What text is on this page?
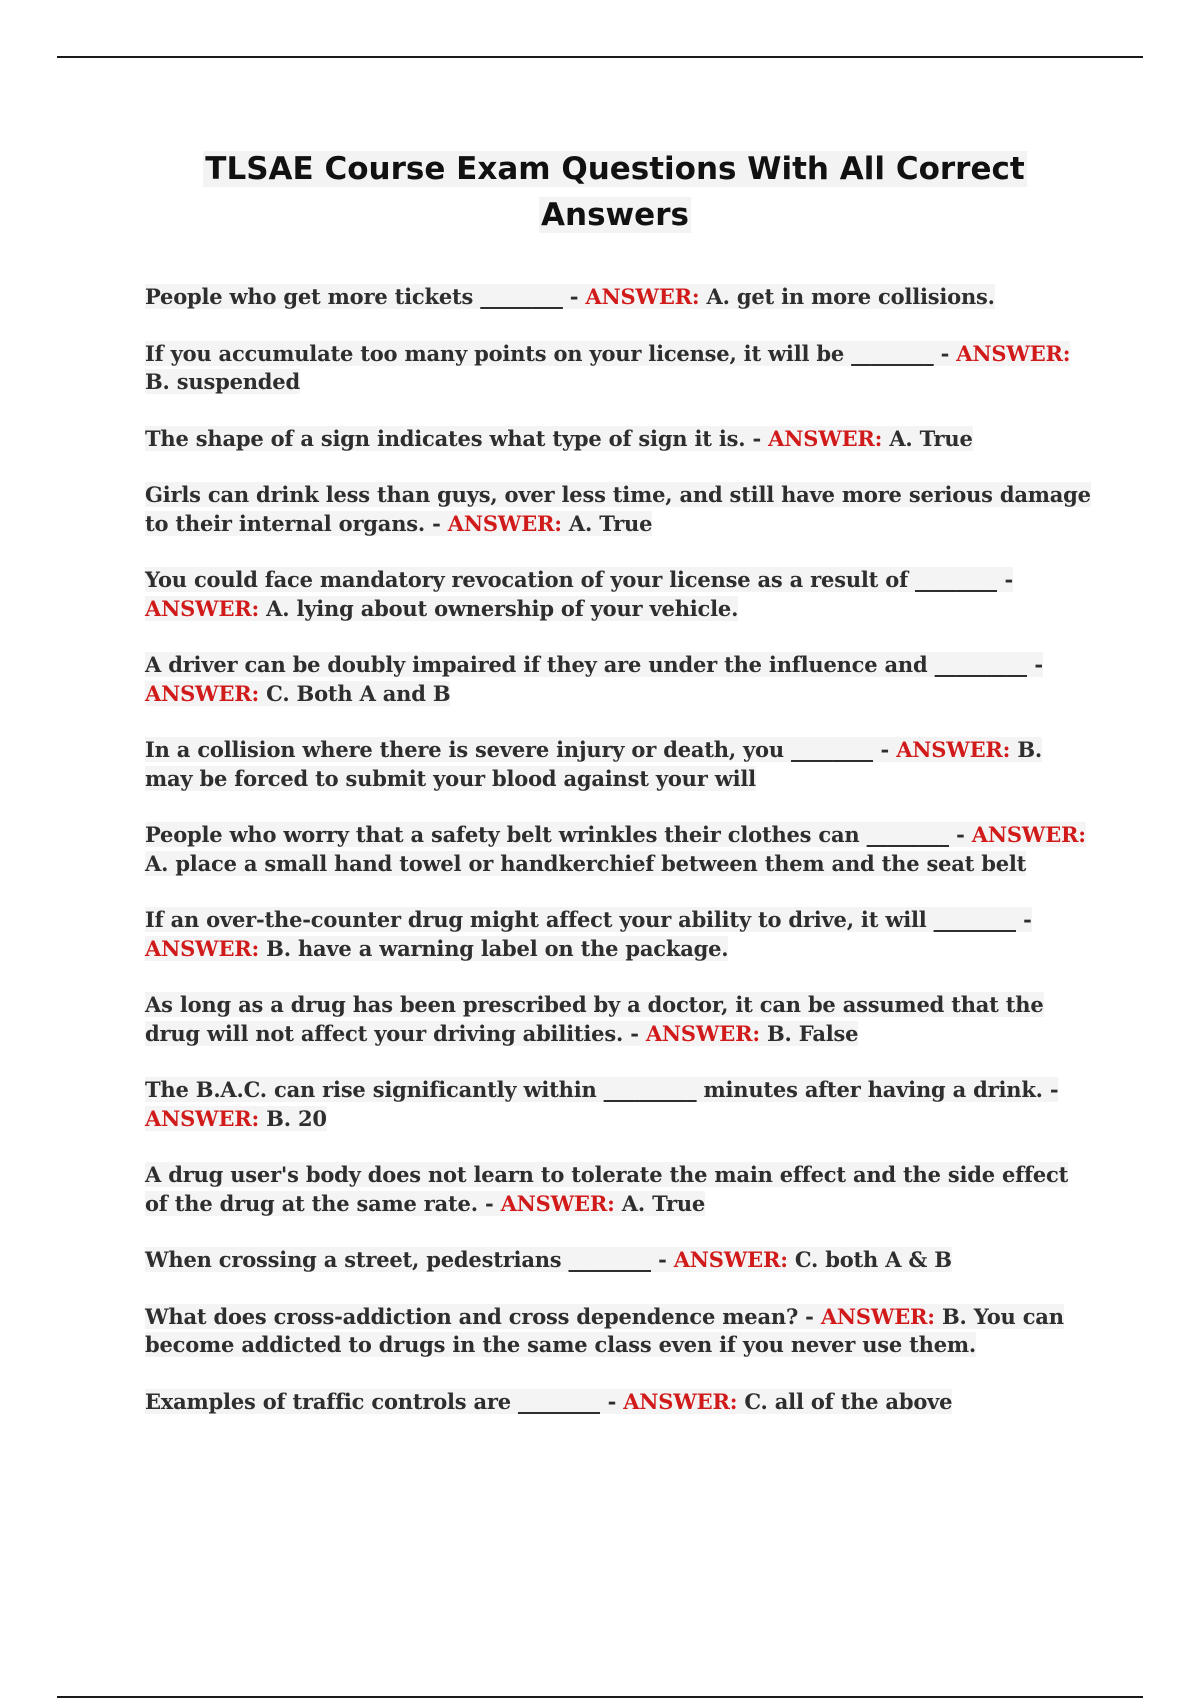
TLSAE Course Exam Questions With All Correct
Answers

People who get more tickets ________ - ANSWER: A. get in more collisions.

If you accumulate too many points on your license, it will be ________ - ANSWER: B. suspended

The shape of a sign indicates what type of sign it is. - ANSWER: A. True

Girls can drink less than guys, over less time, and still have more serious damage to their internal organs. - ANSWER: A. True

You could face mandatory revocation of your license as a result of ________ - ANSWER: A. lying about ownership of your vehicle.

A driver can be doubly impaired if they are under the influence and _________ - ANSWER: C. Both A and B

In a collision where there is severe injury or death, you ________ - ANSWER: B. may be forced to submit your blood against your will

People who worry that a safety belt wrinkles their clothes can ________ - ANSWER: A. place a small hand towel or handkerchief between them and the seat belt

If an over-the-counter drug might affect your ability to drive, it will ________ - ANSWER: B. have a warning label on the package.

As long as a drug has been prescribed by a doctor, it can be assumed that the drug will not affect your driving abilities. - ANSWER: B. False

The B.A.C. can rise significantly within _________ minutes after having a drink. - ANSWER: B. 20

A drug user's body does not learn to tolerate the main effect and the side effect of the drug at the same rate. - ANSWER: A. True

When crossing a street, pedestrians ________ - ANSWER: C. both A & B

What does cross-addiction and cross dependence mean? - ANSWER: B. You can become addicted to drugs in the same class even if you never use them.

Examples of traffic controls are ________ - ANSWER: C. all of the above
